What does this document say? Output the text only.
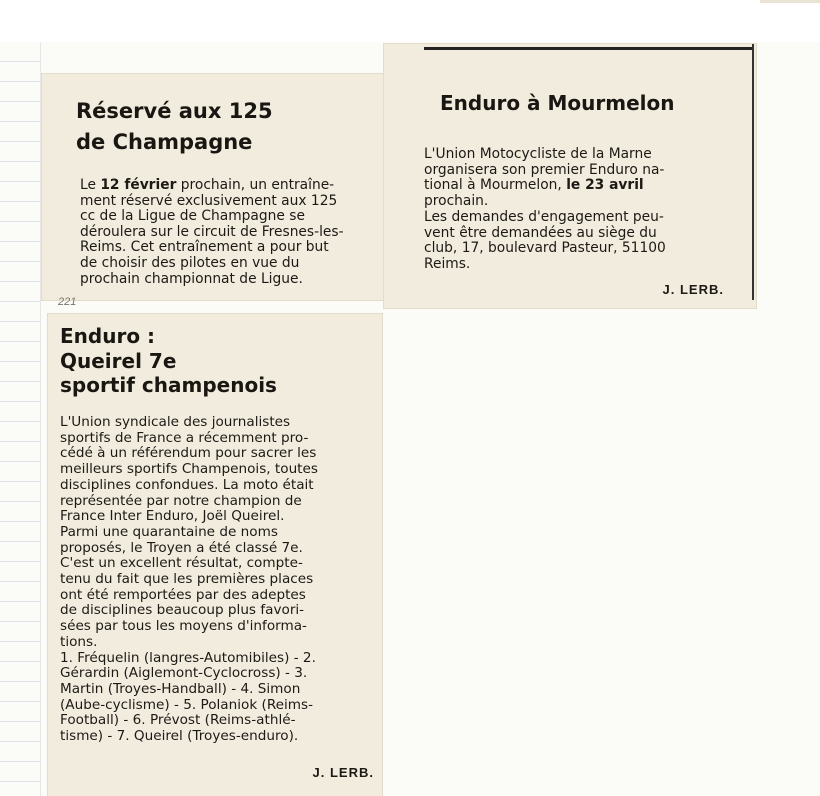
Réservé aux 125
de Champagne
Le 12 février prochain, un entraîne-
ment réservé exclusivement aux 125
cc de la Ligue de Champagne se
déroulera sur le circuit de Fresnes-les-
Reims. Cet entraînement a pour but
de choisir des pilotes en vue du
prochain championnat de Ligue.
221
Enduro à Mourmelon
L'Union Motocycliste de la Marne
organisera son premier Enduro na-
tional à Mourmelon, le 23 avril
prochain.
Les demandes d'engagement peu-
vent être demandées au siège du
club, 17, boulevard Pasteur, 51100
Reims.
J. LERB.
Enduro :
Queirel 7e
sportif champenois
L'Union syndicale des journalistes
sportifs de France a récemment pro-
cédé à un référendum pour sacrer les
meilleurs sportifs Champenois, toutes
disciplines confondues. La moto était
représentée par notre champion de
France Inter Enduro, Joël Queirel.
Parmi une quarantaine de noms
proposés, le Troyen a été classé 7e.
C'est un excellent résultat, compte-
tenu du fait que les premières places
ont été remportées par des adeptes
de disciplines beaucoup plus favori-
sées par tous les moyens d'informa-
tions.
1. Fréquelin (langres-Automibiles) - 2.
Gérardin (Aiglemont-Cyclocross) - 3.
Martin (Troyes-Handball) - 4. Simon
(Aube-cyclisme) - 5. Polaniok (Reims-
Football) - 6. Prévost (Reims-athlé-
tisme) - 7. Queirel (Troyes-enduro).
J. LERB.
